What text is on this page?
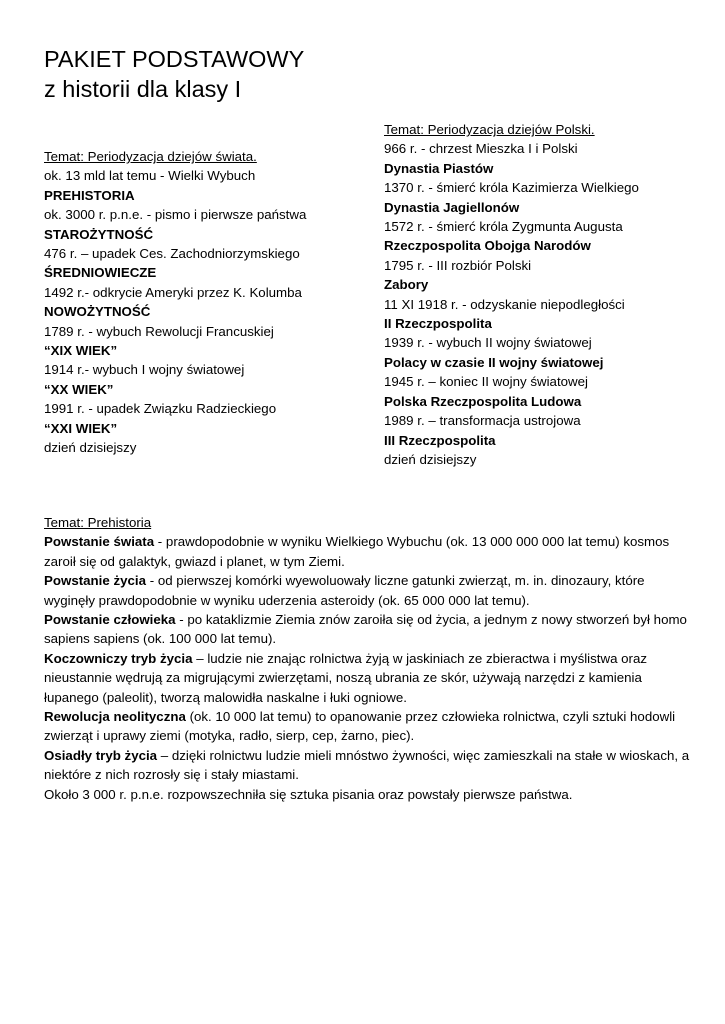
PAKIET PODSTAWOWY
z historii dla klasy I
Temat: Periodyzacja dziejów świata.
ok. 13 mld lat temu - Wielki Wybuch
PREHISTORIA
ok. 3000 r. p.n.e. - pismo i pierwsze państwa
STAROŻYTNOŚĆ
476 r. – upadek Ces. Zachodniorzymskiego
ŚREDNIOWIECZE
1492 r.- odkrycie Ameryki przez K. Kolumba
NOWOŻYTNOŚĆ
1789 r. - wybuch Rewolucji Francuskiej
“XIX WIEK”
1914 r.- wybuch I wojny światowej
“XX WIEK”
1991 r. - upadek Związku Radzieckiego
“XXI WIEK”
dzień dzisiejszy
Temat: Periodyzacja dziejów Polski.
966 r. - chrzest Mieszka I i Polski
Dynastia Piastów
1370 r. - śmierć króla Kazimierza Wielkiego
Dynastia Jagiellonów
1572 r. - śmierć króla Zygmunta Augusta
Rzeczpospolita Obojga Narodów
1795 r. - III rozbiór Polski
Zabory
11 XI 1918 r. - odzyskanie niepodległości
II Rzeczpospolita
1939 r. - wybuch II wojny światowej
Polacy w czasie II wojny światowej
1945 r. – koniec II wojny światowej
Polska Rzeczpospolita Ludowa
1989 r. – transformacja ustrojowa
III Rzeczpospolita
dzień dzisiejszy
Temat: Prehistoria
Powstanie świata - prawdopodobnie w wyniku Wielkiego Wybuchu (ok. 13 000 000 000 lat temu) kosmos zaroił się od galaktyk, gwiazd i planet, w tym Ziemi.
Powstanie życia - od pierwszej komórki wyewoluowały liczne gatunki zwierząt, m. in. dinozaury, które wyginęły prawdopodobnie w wyniku uderzenia asteroidy (ok. 65 000 000 lat temu).
Powstanie człowieka - po kataklizmie Ziemia znów zaroiła się od życia, a jednym z nowy stworzeń był homo sapiens sapiens (ok. 100 000 lat temu).
Koczowniczy tryb życia – ludzie nie znając rolnictwa żyją w jaskiniach ze zbieractwa i myślistwa oraz nieustannie wędrują za migrującymi zwierzętami, noszą ubrania ze skór, używają narzędzi z kamienia łupanego (paleolit), tworzą malowidła naskalne i łuki ogniowe.
Rewolucja neolityczna (ok. 10 000 lat temu) to opanowanie przez człowieka rolnictwa, czyli sztuki hodowli zwierząt i uprawy ziemi (motyka, radło, sierp, cep, żarno, piec).
Osiadły tryb życia – dzięki rolnictwu ludzie mieli mnóstwo żywności, więc zamieszkali na stałe w wioskach, a niektóre z nich rozrosły się i stały miastami.
Około 3 000 r. p.n.e. rozpowszechniła się sztuka pisania oraz powstały pierwsze państwa.
